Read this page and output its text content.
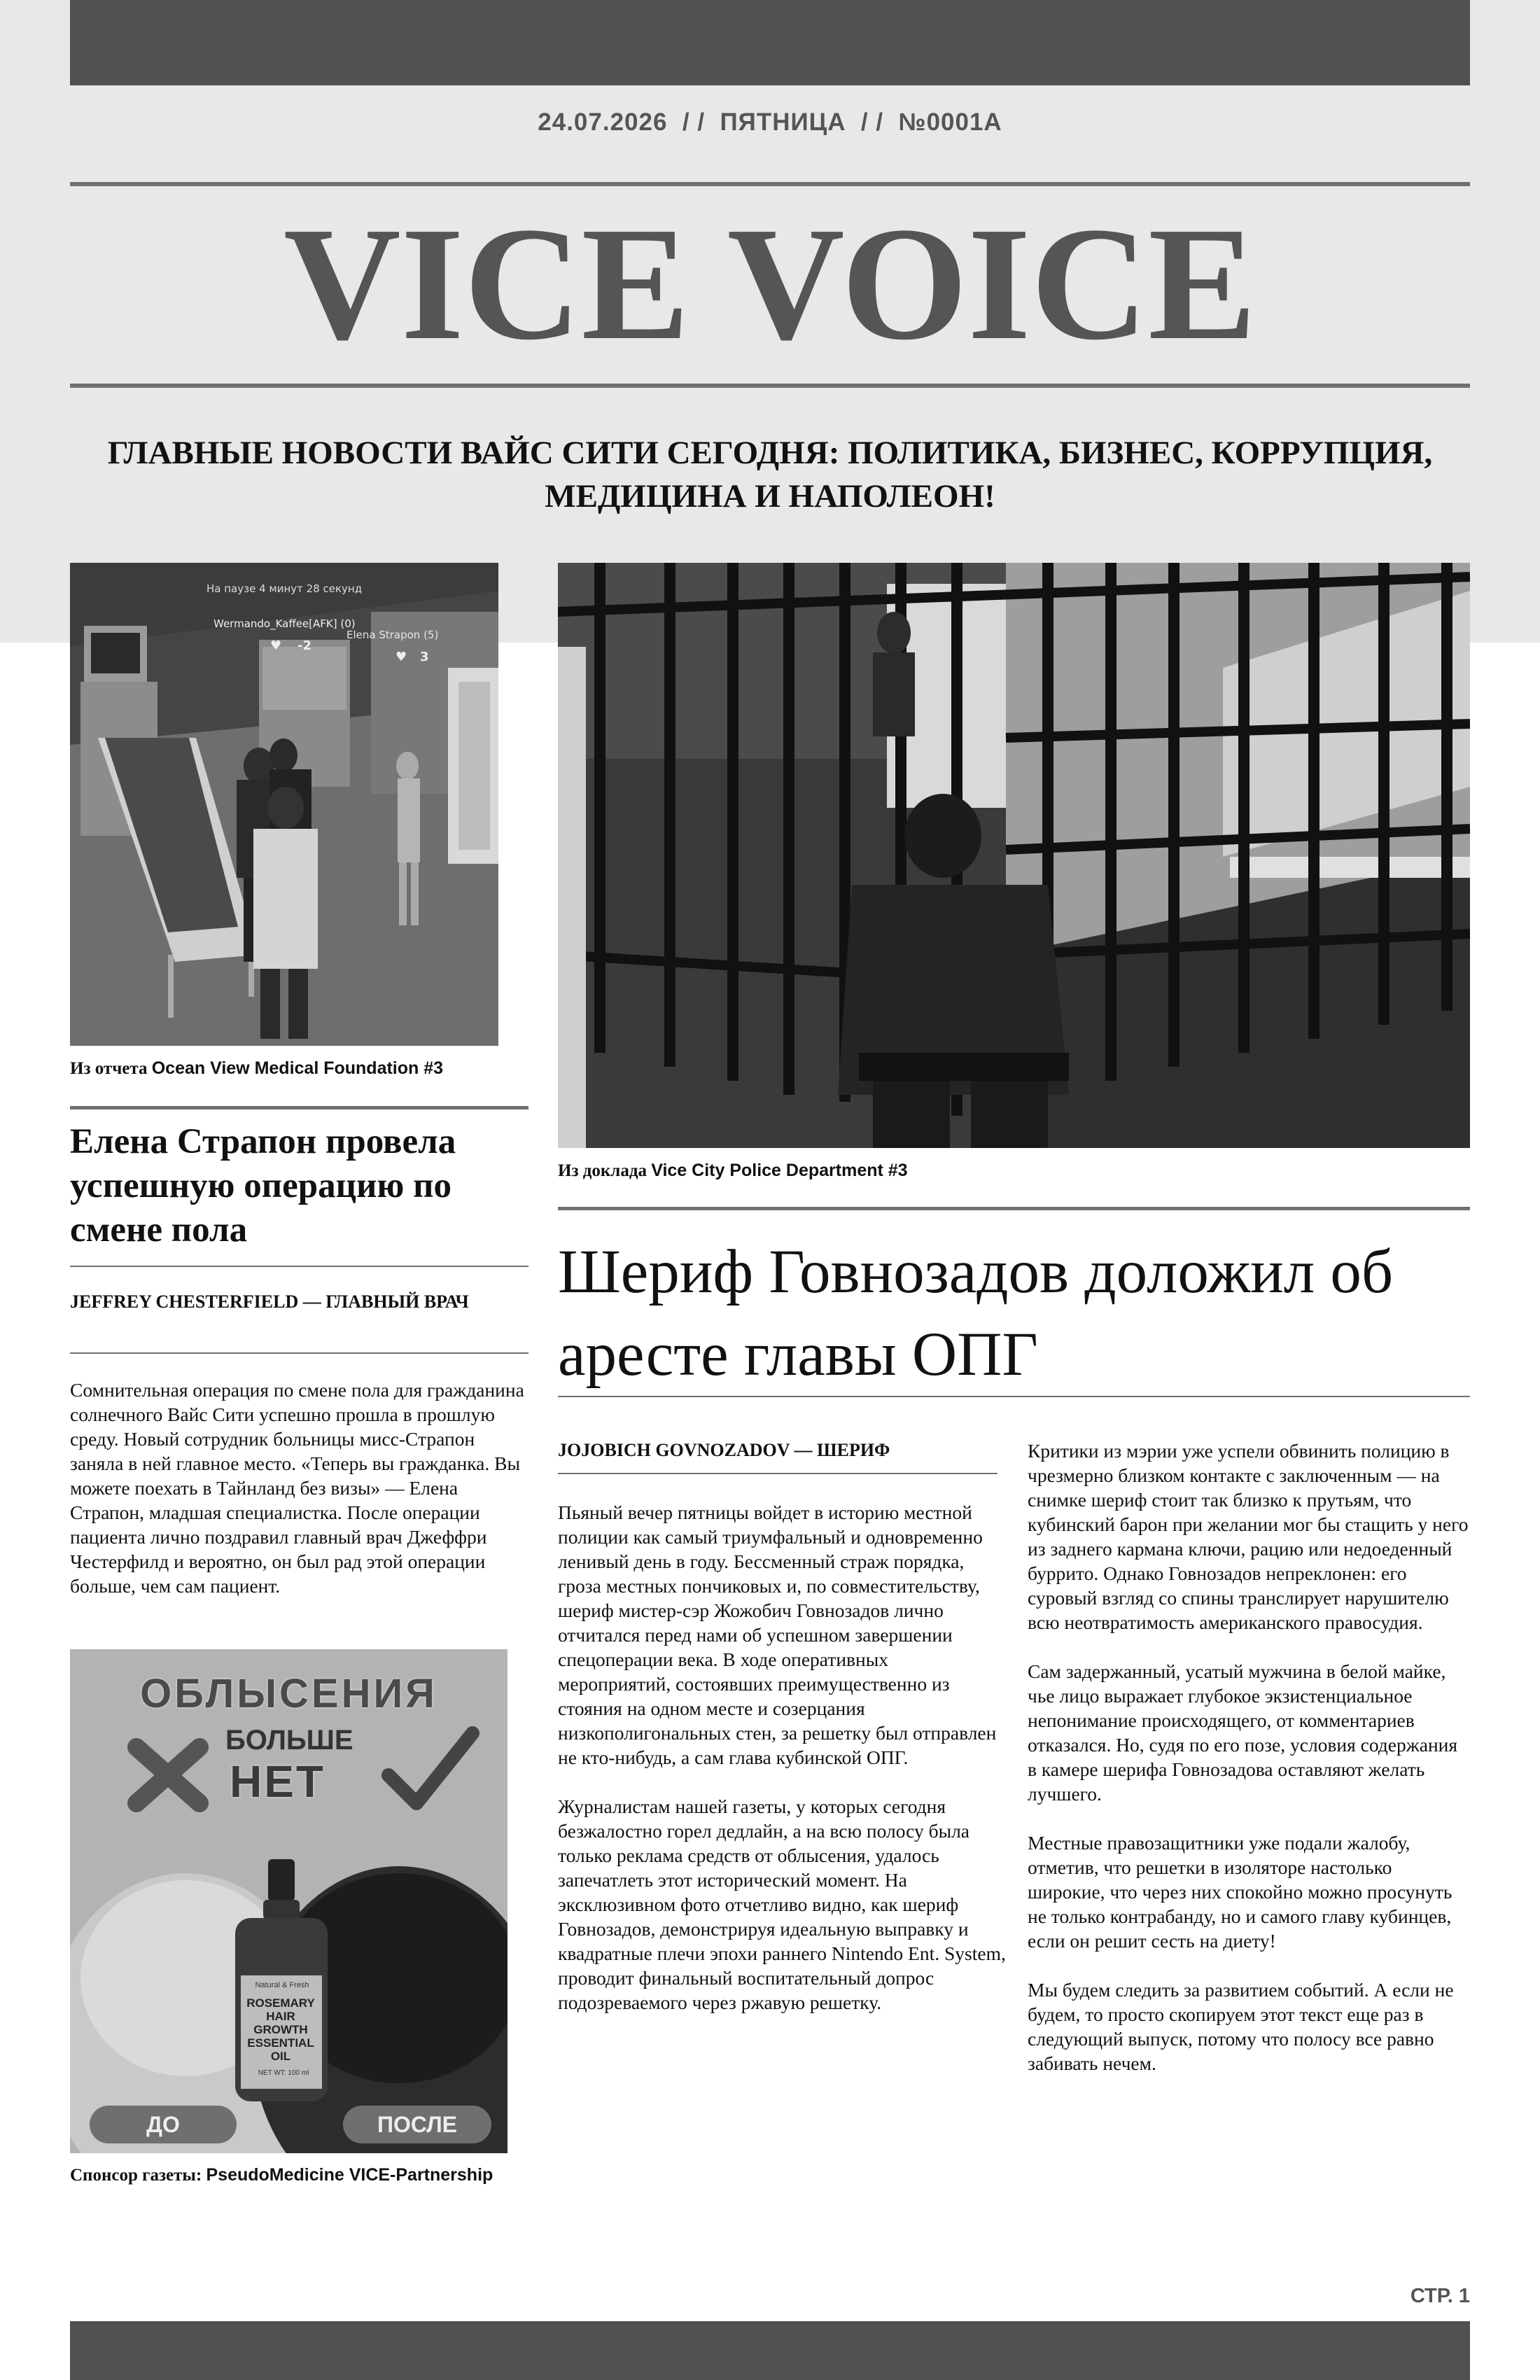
24.07.2026  / /  ПЯТНИЦА  / /  №0001A
VICE VOICE
ГЛАВНЫЕ НОВОСТИ ВАЙС СИТИ СЕГОДНЯ: ПОЛИТИКА, БИЗНЕС, КОРРУПЦИЯ, МЕДИЦИНА И НАПОЛЕОН!
На паузе 4 минут 28 секунд
Wermando_Kaffee[AFK] (0)
Elena Strapon (5)
♥ -2
♥ 3
Из отчета Ocean View Medical Foundation #3
Из доклада Vice City Police Department #3
Елена Страпон провела успешную операцию по смене пола
JEFFREY CHESTERFIELD — ГЛАВНЫЙ ВРАЧ

Сомнительная операция по смене пола для гражданина солнечного Вайс Сити успешно прошла в прошлую среду. Новый сотрудник больницы мисс-Страпон заняла в ней главное место. «Теперь вы гражданка. Вы можете поехать в Тайнланд без визы» — Елена Страпон, младшая специалистка. После операции пациента лично поздравил главный врач Джеффри Честерфилд и вероятно, он был рад этой операции больше, чем сам пациент.

Шериф Говнозадов доложил об аресте главы ОПГ
JOJOBICH GOVNOZADOV — ШЕРИФ

Пьяный вечер пятницы войдет в историю местной полиции как самый триумфальный и одновременно ленивый день в году. Бессменный страж порядка, гроза местных пончиковых и, по совместительству, шериф мистер-сэр Жожобич Говнозадов лично отчитался перед нами об успешном завершении спецоперации века. В ходе оперативных мероприятий, состоявших преимущественно из стояния на одном месте и созерцания низкополигональных стен, за решетку был отправлен не кто-нибудь, а сам глава кубинской ОПГ.

Журналистам нашей газеты, у которых сегодня безжалостно горел дедлайн, а на всю полосу была только реклама средств от облысения, удалось запечатлеть этот исторический момент. На эксклюзивном фото отчетливо видно, как шериф Говнозадов, демонстрируя идеальную выправку и квадратные плечи эпохи раннего Nintendo Ent. System, проводит финальный воспитательный допрос подозреваемого через ржавую решетку.

Критики из мэрии уже успели обвинить полицию в чрезмерно близком контакте с заключенным — на снимке шериф стоит так близко к прутьям, что кубинский барон при желании мог бы стащить у него из заднего кармана ключи, рацию или недоеденный буррито. Однако Говнозадов непреклонен: его суровый взгляд со спины транслирует нарушителю всю неотвратимость американского правосудия.

Сам задержанный, усатый мужчина в белой майке, чье лицо выражает глубокое экзистенциальное непонимание происходящего, от комментариев отказался. Но, судя по его позе, условия содержания в камере шерифа Говнозадова оставляют желать лучшего.

Местные правозащитники уже подали жалобу, отметив, что решетки в изоляторе настолько широкие, что через них спокойно можно просунуть не только контрабанду, но и самого главу кубинцев, если он решит сесть на диету!

Мы будем следить за развитием событий. А если не будем, то просто скопируем этот текст еще раз в следующий выпуск, потому что полосу все равно забивать нечем.

ОБЛЫСЕНИЯ
БОЛЬШЕ
НЕТ
Natural & Fresh
ROSEMARY HAIR GROWTH ESSENTIAL OIL
NET WT: 100 ml
ДО	ПОСЛЕ
Спонсор газеты: PseudoMedicine VICE-Partnership
СТР. 1
